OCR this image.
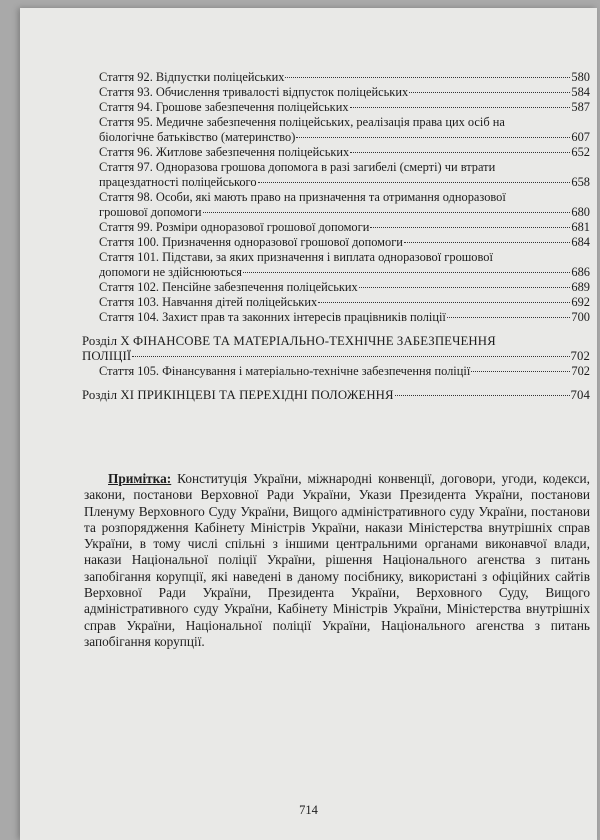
Стаття 92. Відпустки поліцейських	580
Стаття 93. Обчислення тривалості відпусток поліцейських	584
Стаття 94. Грошове забезпечення поліцейських	587
Стаття 95. Медичне забезпечення поліцейських, реалізація права цих осіб на
біологічне батьківство (материнство)	607
Стаття 96. Житлове забезпечення поліцейських	652
Стаття 97. Одноразова грошова допомога в разі загибелі (смерті) чи втрати
працездатності поліцейського	658
Стаття 98. Особи, які мають право на призначення та отримання одноразової
грошової допомоги	680
Стаття 99. Розміри одноразової грошової допомоги	681
Стаття 100. Призначення одноразової грошової допомоги	684
Стаття 101. Підстави, за яких призначення і виплата одноразової грошової
допомоги не здійснюються	686
Стаття 102. Пенсійне забезпечення поліцейських	689
Стаття 103. Навчання дітей поліцейських	692
Стаття 104. Захист прав та законних інтересів працівників поліції	700
Розділ X ФІНАНСОВЕ ТА МАТЕРІАЛЬНО-ТЕХНІЧНЕ ЗАБЕЗПЕЧЕННЯ
ПОЛІЦІЇ	702
Стаття 105. Фінансування і матеріально-технічне забезпечення поліції	702
Розділ XI ПРИКІНЦЕВІ ТА ПЕРЕХІДНІ ПОЛОЖЕННЯ	704
Примітка: Конституція України, міжнародні конвенції, договори, угоди, кодекси, закони, постанови Верховної Ради України, Укази Президента України, постанови Пленуму Верховного Суду України, Вищого адміністративного суду України, постанови та розпорядження Кабінету Міністрів України, накази Міністерства внутрішніх справ України, в тому числі спільні з іншими центральними органами виконавчої влади, накази Національної поліції України, рішення Національного агенства з питань запобігання корупції, які наведені в даному посібнику, використані з офіційних сайтів Верховної Ради України, Президента України, Верховного Суду, Вищого адміністративного суду України, Кабінету Міністрів України, Міністерства внутрішніх справ України, Національної поліції України, Національного агенства з питань запобігання корупції.
714
